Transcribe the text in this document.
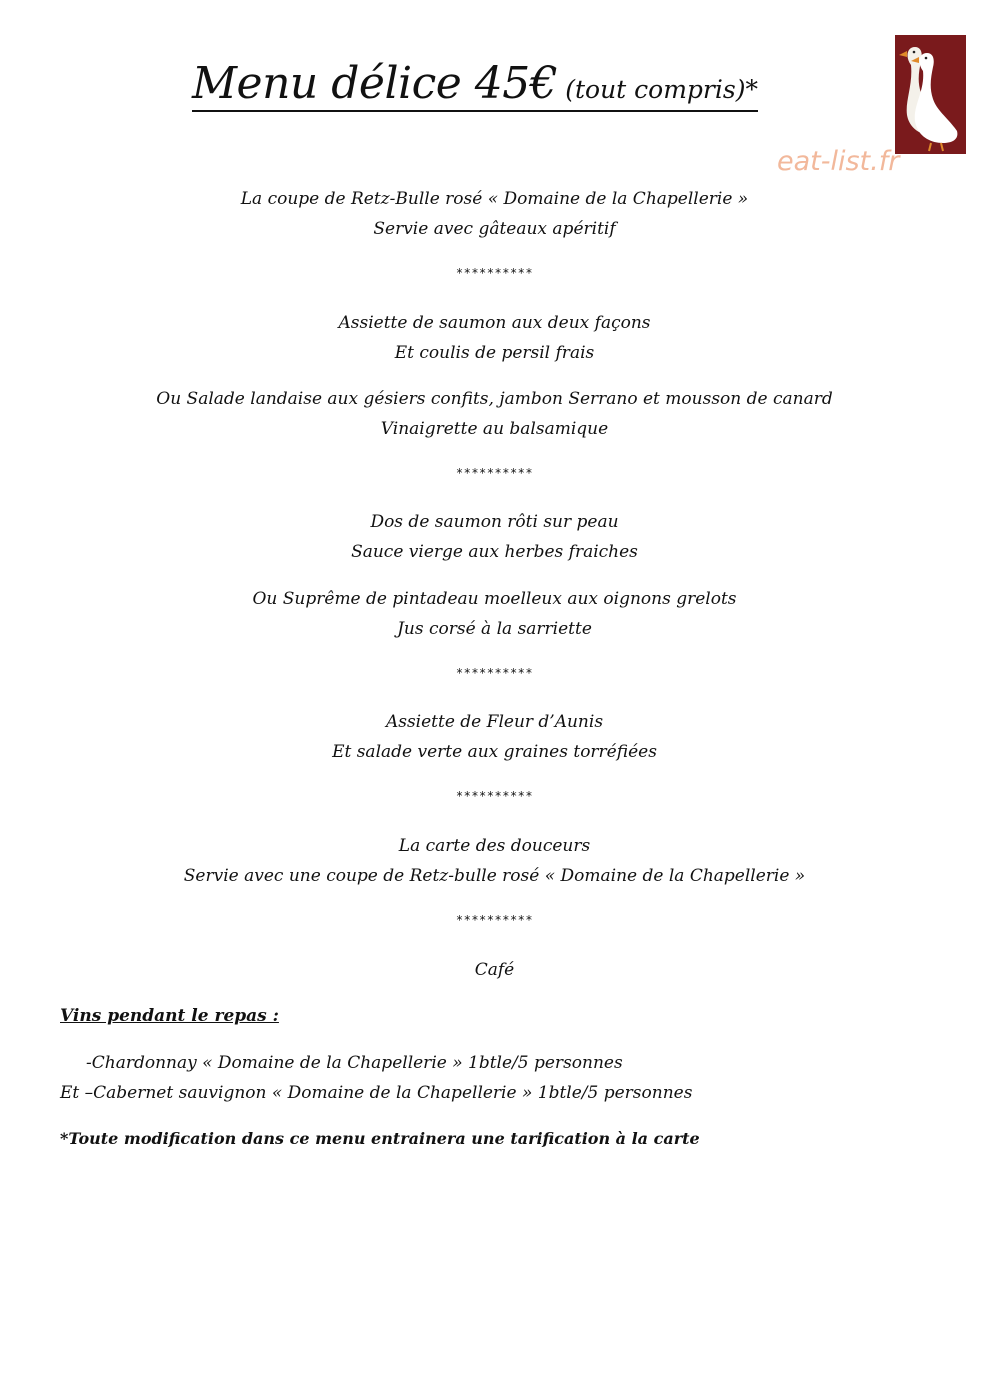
Menu délice 45€ (tout compris)*
eat-list.fr
La coupe de Retz-Bulle rosé « Domaine de la Chapellerie »
Servie avec gâteaux apéritif
**********
Assiette de saumon aux deux façons
Et coulis de persil frais
Ou Salade landaise aux gésiers confits, jambon Serrano et mousson de canard
Vinaigrette au balsamique
**********
Dos de saumon rôti sur peau
Sauce vierge aux herbes fraiches
Ou Suprême de pintadeau moelleux aux oignons grelots
Jus corsé à la sarriette
**********
Assiette de Fleur d’Aunis
Et salade verte aux graines torréfiées
**********
La carte des douceurs
Servie avec une coupe de Retz-bulle rosé « Domaine de la Chapellerie »
**********
Café
Vins pendant le repas :
-Chardonnay « Domaine de la Chapellerie » 1btle/5 personnes
Et –Cabernet sauvignon « Domaine de la Chapellerie » 1btle/5 personnes
*Toute modification dans ce menu entrainera une tarification à la carte
